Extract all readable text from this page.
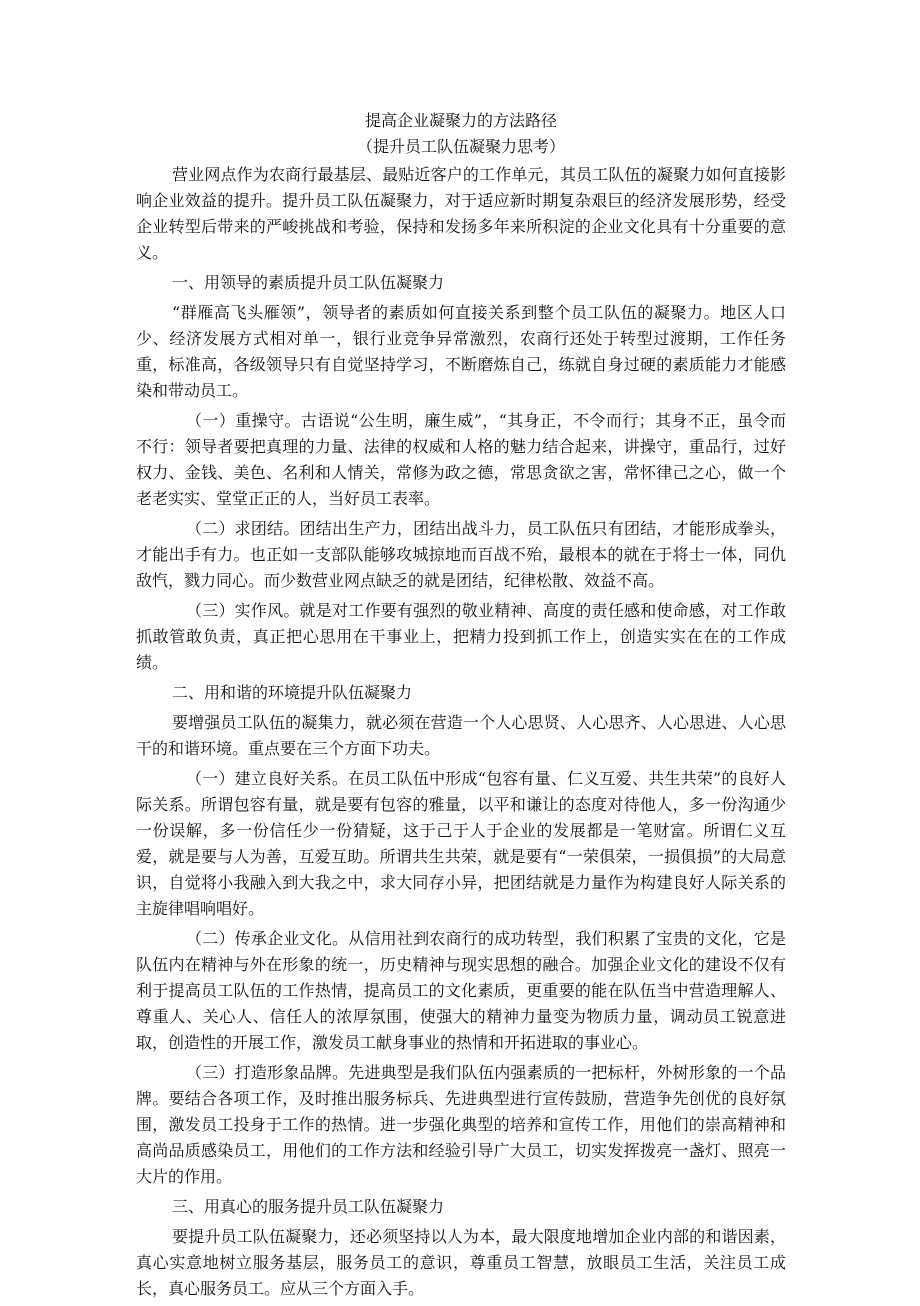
提高企业凝聚力的方法路径

（提升员工队伍凝聚力思考）

营业网点作为农商行最基层、最贴近客户的工作单元，其员工队伍的凝聚力如何直接影响企业效益的提升。提升员工队伍凝聚力，对于适应新时期复杂艰巨的经济发展形势，经受企业转型后带来的严峻挑战和考验，保持和发扬多年来所积淀的企业文化具有十分重要的意义。

一、用领导的素质提升员工队伍凝聚力

“群雁高飞头雁领”，领导者的素质如何直接关系到整个员工队伍的凝聚力。地区人口少、经济发展方式相对单一，银行业竞争异常激烈，农商行还处于转型过渡期，工作任务重，标准高，各级领导只有自觉坚持学习，不断磨炼自己，练就自身过硬的素质能力才能感染和带动员工。

（一）重操守。古语说“公生明，廉生威”，“其身正，不令而行；其身不正，虽令而不行：领导者要把真理的力量、法律的权威和人格的魅力结合起来，讲操守，重品行，过好权力、金钱、美色、名利和人情关，常修为政之德，常思贪欲之害，常怀律己之心，做一个老老实实、堂堂正正的人，当好员工表率。

（二）求团结。团结出生产力，团结出战斗力，员工队伍只有团结，才能形成拳头，才能出手有力。也正如一支部队能够攻城掠地而百战不殆，最根本的就在于将士一体，同仇敌忾，戮力同心。而少数营业网点缺乏的就是团结，纪律松散、效益不高。

（三）实作风。就是对工作要有强烈的敬业精神、高度的责任感和使命感，对工作敢抓敢管敢负责，真正把心思用在干事业上，把精力投到抓工作上，创造实实在在的工作成绩。

二、用和谐的环境提升队伍凝聚力

要增强员工队伍的凝集力，就必须在营造一个人心思贤、人心思齐、人心思进、人心思干的和谐环境。重点要在三个方面下功夫。

（一）建立良好关系。在员工队伍中形成“包容有量、仁义互爱、共生共荣”的良好人际关系。所谓包容有量，就是要有包容的雅量，以平和谦让的态度对待他人，多一份沟通少一份误解，多一份信任少一份猜疑，这于己于人于企业的发展都是一笔财富。所谓仁义互爱，就是要与人为善，互爱互助。所谓共生共荣，就是要有“一荣俱荣，一损俱损”的大局意识，自觉将小我融入到大我之中，求大同存小异，把团结就是力量作为构建良好人际关系的主旋律唱响唱好。

（二）传承企业文化。从信用社到农商行的成功转型，我们积累了宝贵的文化，它是队伍内在精神与外在形象的统一，历史精神与现实思想的融合。加强企业文化的建设不仅有利于提高员工队伍的工作热情，提高员工的文化素质，更重要的能在队伍当中营造理解人、尊重人、关心人、信任人的浓厚氛围，使强大的精神力量变为物质力量，调动员工锐意进取，创造性的开展工作，激发员工献身事业的热情和开拓进取的事业心。

（三）打造形象品牌。先进典型是我们队伍内强素质的一把标杆，外树形象的一个品牌。要结合各项工作，及时推出服务标兵、先进典型进行宣传鼓励，营造争先创优的良好氛围，激发员工投身于工作的热情。进一步强化典型的培养和宣传工作，用他们的崇高精神和高尚品质感染员工，用他们的工作方法和经验引导广大员工，切实发挥拨亮一盏灯、照亮一大片的作用。

三、用真心的服务提升员工队伍凝聚力

要提升员工队伍凝聚力，还必须坚持以人为本，最大限度地增加企业内部的和谐因素，真心实意地树立服务基层，服务员工的意识，尊重员工智慧，放眼员工生活，关注员工成长，真心服务员工。应从三个方面入手。
